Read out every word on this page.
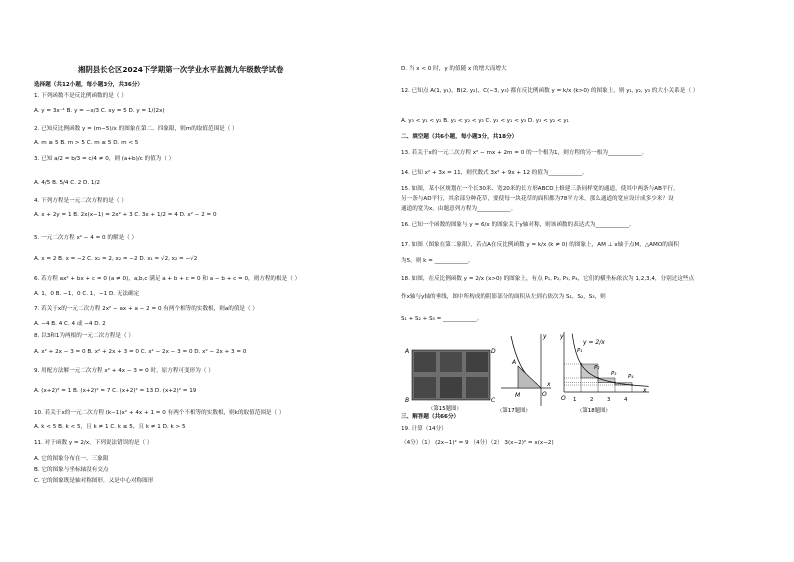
湘阴县长仑区2024下学期第一次学业水平监测九年级数学试卷
选择题（共12小题，每小题3分，共36分）
1. 下列函数不是反比例函数的是（ ）
A. y = 3x⁻¹ B. y = −x/3 C. xy = 5 D. y = 1/(2x)
2. 已知反比例函数 y = (m−5)/x 的图象在第二、四象限，则m的取值范围是（ ）
A. m ≥ 5 B. m > 5 C. m ≤ 5 D. m < 5
3. 已知 a/2 = b/3 = c/4 ≠ 0，则 (a+b)/c 的值为（ ）
A. 4/5 B. 5/4 C. 2 D. 1/2
4. 下列方程是一元二次方程的是（ ）
A. x + 2y = 1 B. 2x(x−1) = 2x² + 3 C. 3x + 1/2 = 4 D. x² − 2 = 0
5. 一元二次方程 x² − 4 = 0 的解是（ ）
A. x = 2 B. x = −2 C. x₁ = 2, x₂ = −2 D. x₁ = √2, x₂ = −√2
6. 若方程 ax² + bx + c = 0 (a ≠ 0)，a,b,c 满足 a + b + c = 0 和 a − b + c = 0，则方程的根是（ ）
A. 1，0 B. −1，0 C. 1，−1 D. 无法确定
7. 若关于x的一元二次方程 2x² − ax + a − 2 = 0 有两个相等的实数根，则a的值是（ ）
A. −4 B. 4 C. 4 或 −4 D. 2
8. 以3和1为两根的一元二次方程是（ ）
A. x² + 2x − 3 = 0 B. x² + 2x + 3 = 0 C. x² − 2x − 3 = 0 D. x² − 2x + 3 = 0
9. 用配方法解一元二次方程 x² + 4x − 3 = 0 时，原方程可变形为（ ）
A. (x+2)² = 1 B. (x+2)² = 7 C. (x+2)² = 13 D. (x+2)² = 19
10. 若关于x的一元二次方程 (k−1)x² + 4x + 1 = 0 有两个不相等的实数根，则k的取值范围是（ ）
A. k < 5 B. k < 5，且 k ≠ 1 C. k ≤ 5，且 k ≠ 1 D. k > 5
11. 对于函数 y = 2/x，下列说法错误的是（ ）
A. 它的图象分布在一、三象限
B. 它的图象与坐标轴没有交点
C. 它的图象既是轴对称图形，又是中心对称图形
D. 当 x < 0 时，y 的值随 x 的增大而增大
12. 已知点 A(1, y₁)，B(2, y₂)，C(−3, y₃) 都在反比例函数 y = k/x (k>0) 的图象上，则 y₁, y₂, y₃ 的大小关系是（ ）
A. y₃ < y₁ < y₂ B. y₁ < y₂ < y₃ C. y₂ < y₁ < y₃ D. y₃ < y₂ < y₁
二、填空题（共6小题，每小题3分，共18分）
13. 若关于x的一元二次方程 x² − mx + 2m = 0 的一个根为1，则方程的另一根为____________。
14. 已知 x² + 3x = 11，则代数式 3x² + 9x + 12 的值为____________。
15. 如图，某小区规划在一个长30米、宽20米的长方形ABCD上修建三条同样宽的通道，使其中两条与AB平行，
另一条与AD平行，其余部分种花草，要使每一块花草的面积都为78平方米，那么通道的宽应设计成多少米？设
通道的宽为x，由题意列方程为____________。
16. 已知一个函数的图象与 y = 6/x 的图象关于y轴对称，则该函数的表达式为____________。
17. 如图（图象在第二象限），若点A在反比例函数 y = k/x (k ≠ 0) 的图象上，AM ⊥ x轴于点M，△AMO的面积
为5，则 k = ____________。
18. 如图，在反比例函数 y = 2/x (x>0) 的图象上，有点 P₁, P₂, P₃, P₄，它们的横坐标依次为 1,2,3,4，分别过这些点
作x轴与y轴的垂线，图中所构成的阴影部分的面积从左到右依次为 S₁，S₂，S₃，则
S₁ + S₂ + S₃ = ____________。
A
B	C
D
（第15题图）
y
x
A
M	O
（第17题图）
y = 2/x
y
x
O
P₁
P₂
P₃ P₄
1	2	3	4
（第18题图）
三、解答题（共66分）
19. 计算（14分）
（4分）（1） (2x−1)² = 9 （4分）（2） 3(x−2)² = x(x−2)
